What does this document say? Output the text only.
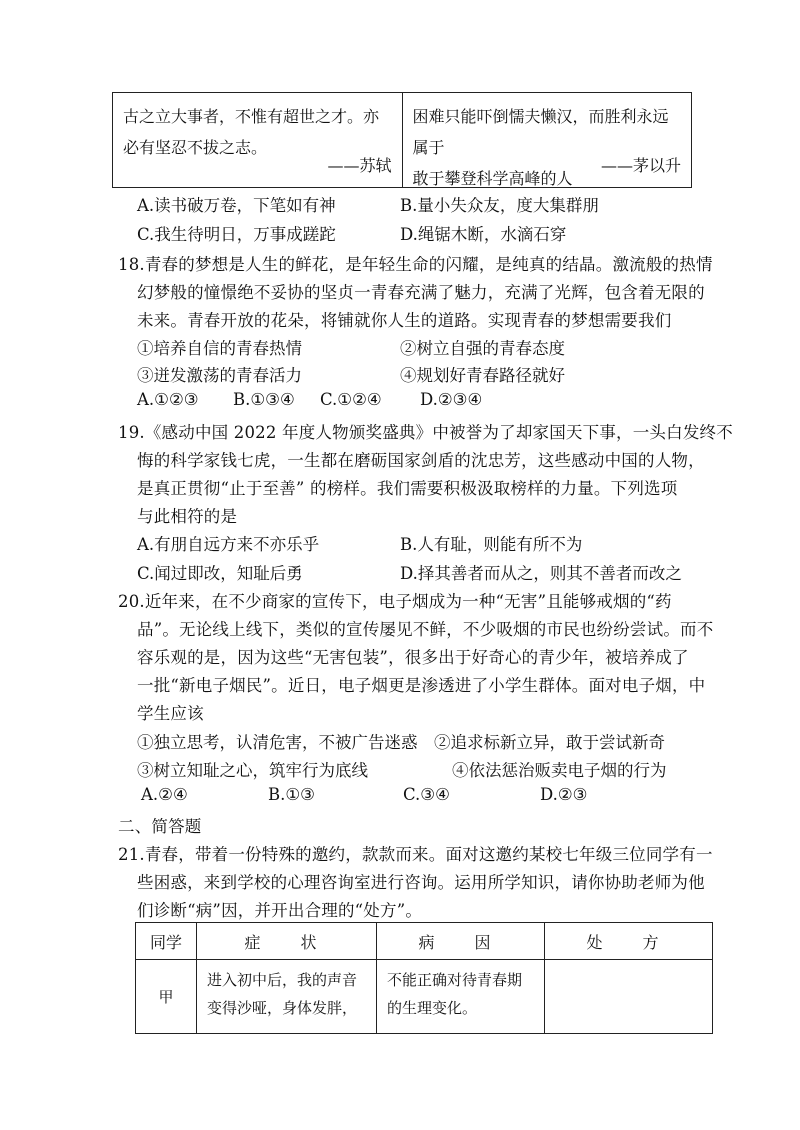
古之立大事者，不惟有超世之才。亦
必有坚忍不拔之志。
——苏轼
困难只能吓倒懦夫懒汉，而胜利永远属于
敢于攀登科学高峰的人
——茅以升
A.读书破万卷，下笔如有神	B.量小失众友，度大集群朋
C.我生待明日，万事成蹉跎	D.绳锯木断，水滴石穿
18.青春的梦想是人生的鲜花，是年轻生命的闪耀，是纯真的结晶。激流般的热情
幻梦般的憧憬绝不妥协的坚贞一青春充满了魅力，充满了光辉，包含着无限的
未来。青春开放的花朵，将铺就你人生的道路。实现青春的梦想需要我们
①培养自信的青春热情	②树立自强的青春态度
③迸发激荡的青春活力	④规划好青春路径就好
A.①②③ B.①③④ C.①②④ D.②③④
19.《感动中国 2022 年度人物颁奖盛典》中被誉为了却家国天下事，一头白发终不
悔的科学家钱七虎，一生都在磨砺国家剑盾的沈忠芳，这些感动中国的人物，
是真正贯彻“止于至善” 的榜样。我们需要积极汲取榜样的力量。下列选项
与此相符的是
A.有朋自远方来不亦乐乎	B.人有耻，则能有所不为
C.闻过即改，知耻后勇	D.择其善者而从之，则其不善者而改之
20.近年来，在不少商家的宣传下，电子烟成为一种“无害”且能够戒烟的“药
品”。无论线上线下，类似的宣传屡见不鲜，不少吸烟的市民也纷纷尝试。而不
容乐观的是，因为这些“无害包装”，很多出于好奇心的青少年，被培养成了
一批“新电子烟民”。近日，电子烟更是渗透进了小学生群体。面对电子烟，中
学生应该
①独立思考，认清危害，不被广告迷惑 ②追求标新立异，敢于尝试新奇
③树立知耻之心，筑牢行为底线	④依法惩治贩卖电子烟的行为
A.②④	B.①③	C.③④	D.②③
二、简答题
21.青春，带着一份特殊的邀约，款款而来。面对这邀约某校七年级三位同学有一
些困惑，来到学校的心理咨询室进行咨询。运用所学知识，请你协助老师为他
们诊断“病”因，并开出合理的“处方”。
同学	症　状	病　因	处　方
甲	进入初中后，我的声音变得沙哑，身体发胖，	不能正确对待青春期的生理变化。	
